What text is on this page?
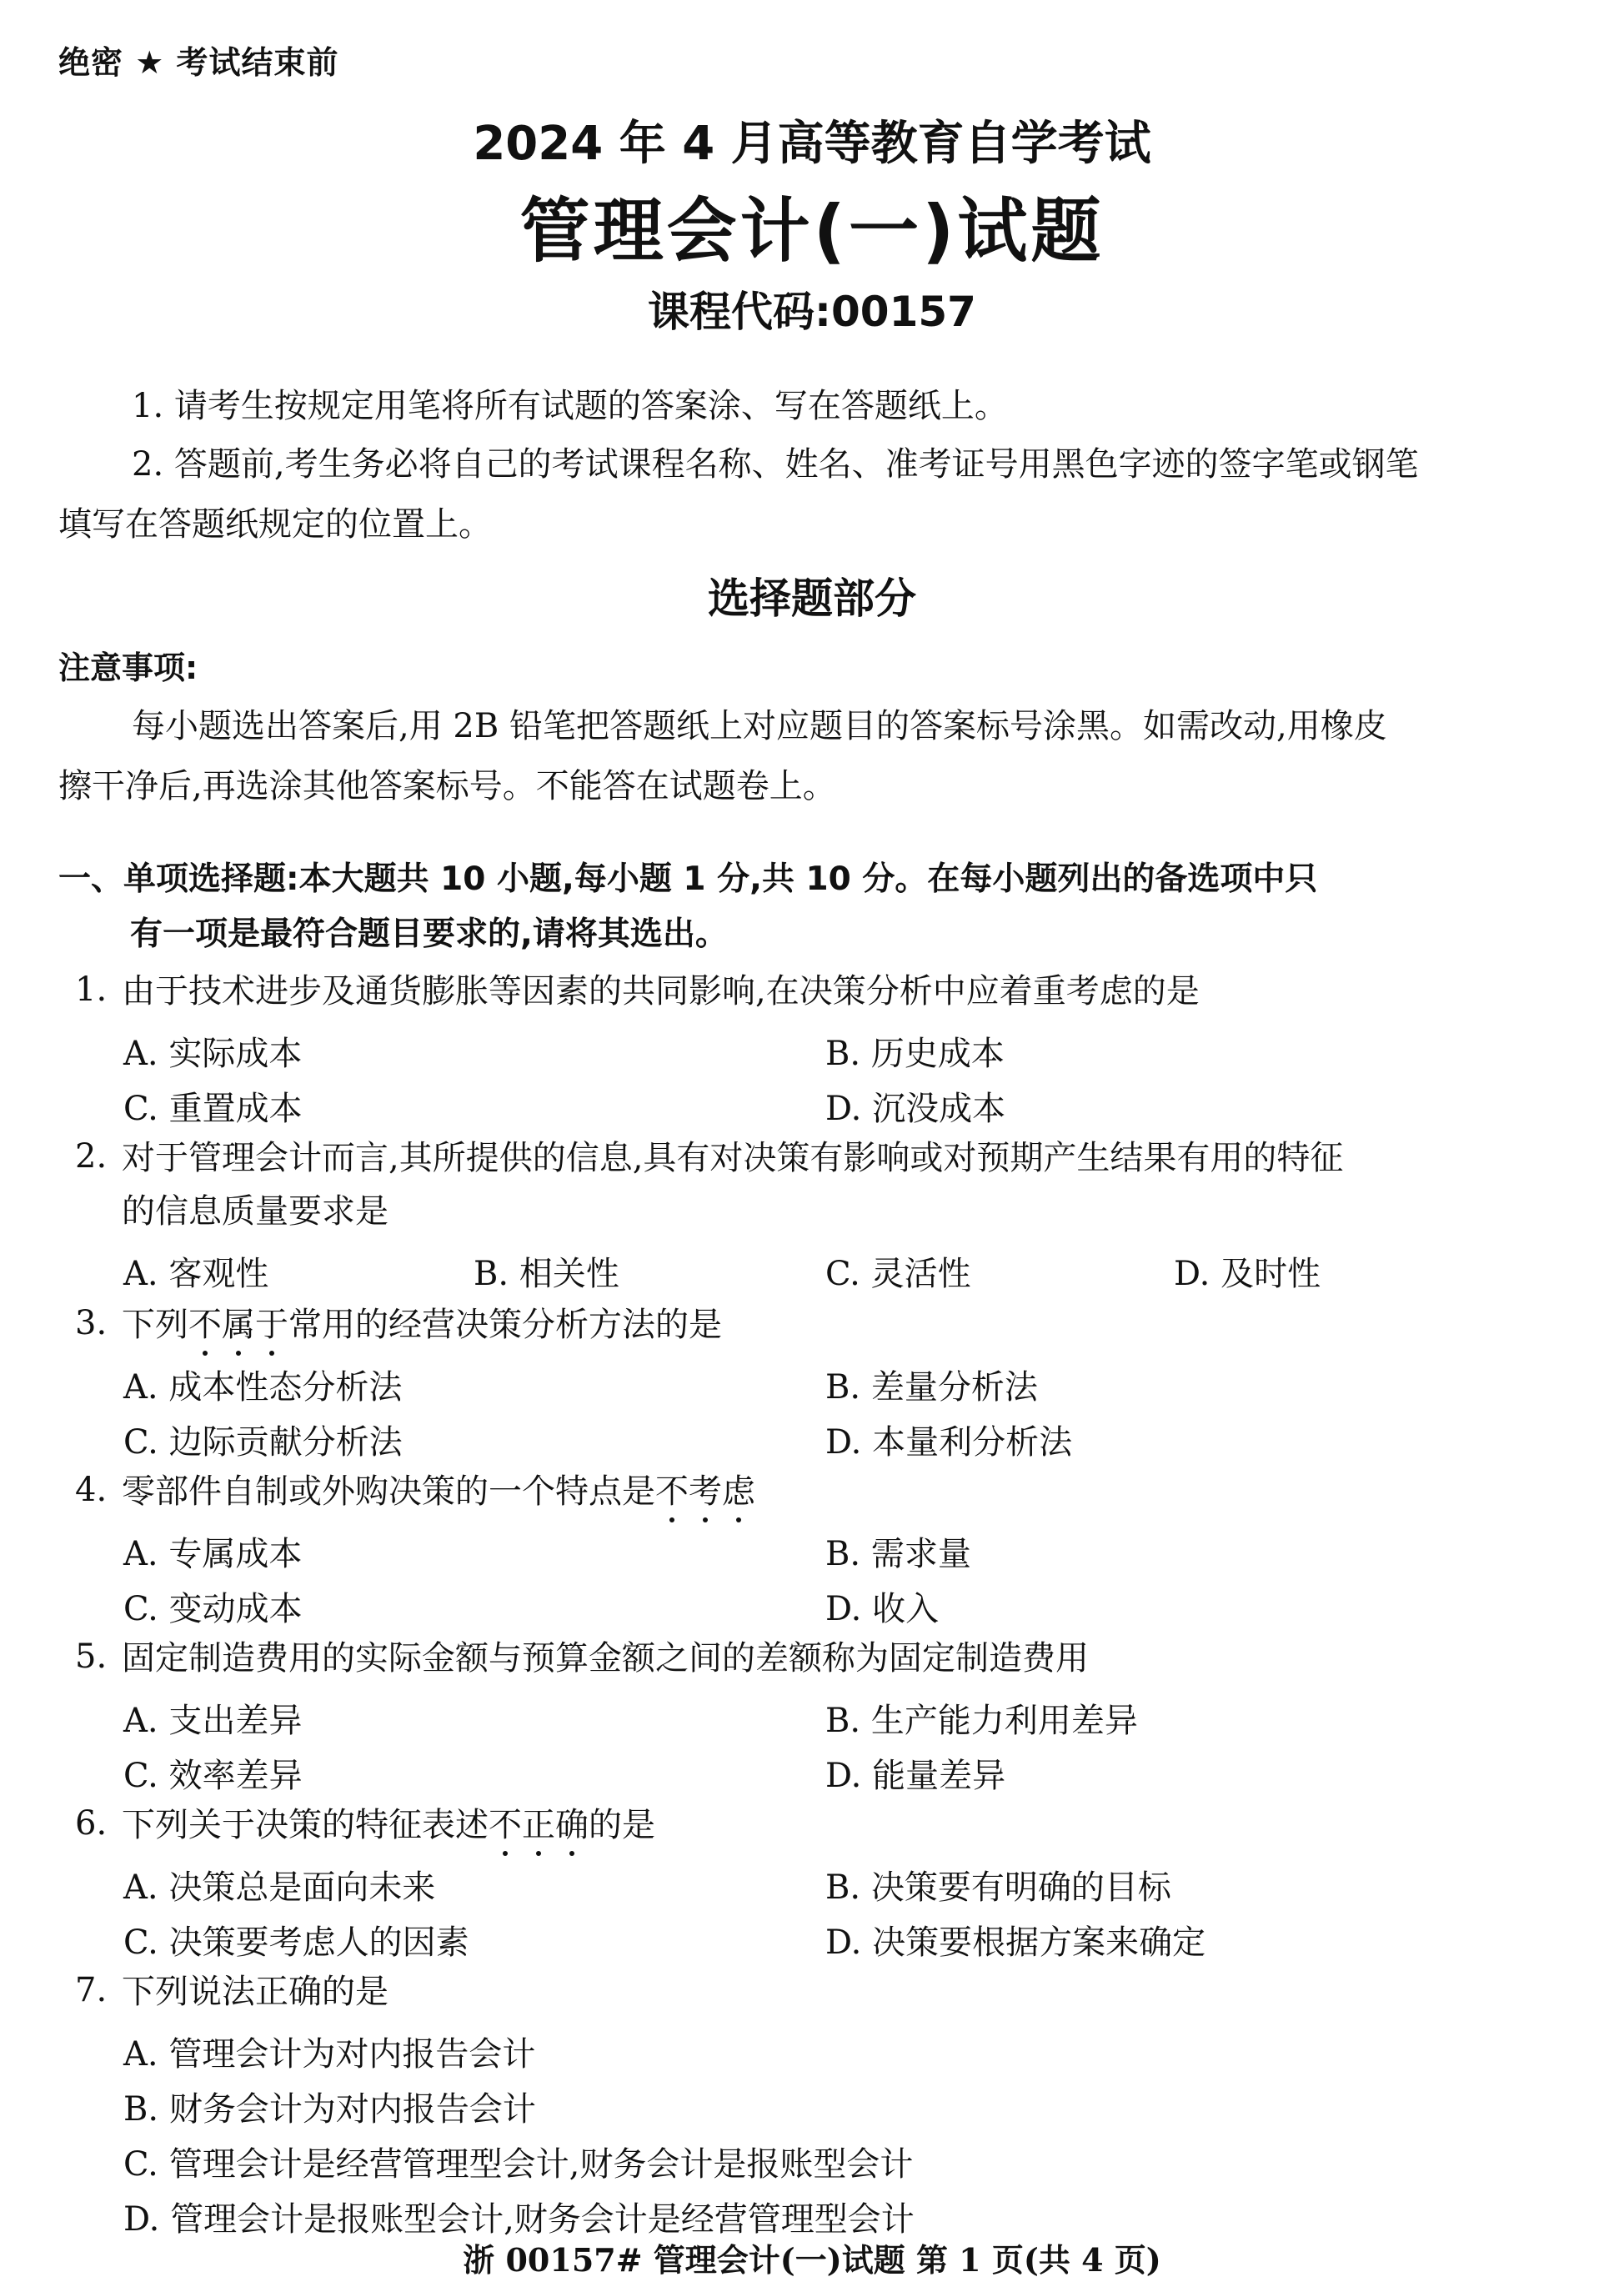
绝密 ★ 考试结束前
2024 年 4 月高等教育自学考试
管理会计(一)试题
课程代码:00157
1. 请考生按规定用笔将所有试题的答案涂、写在答题纸上。
2. 答题前,考生务必将自己的考试课程名称、姓名、准考证号用黑色字迹的签字笔或钢笔
填写在答题纸规定的位置上。
选择题部分
注意事项:
每小题选出答案后,用 2B 铅笔把答题纸上对应题目的答案标号涂黑。如需改动,用橡皮
擦干净后,再选涂其他答案标号。不能答在试题卷上。
一、单项选择题:本大题共 10 小题,每小题 1 分,共 10 分。在每小题列出的备选项中只
有一项是最符合题目要求的,请将其选出。
1. 由于技术进步及通货膨胀等因素的共同影响,在决策分析中应着重考虑的是
A. 实际成本	B. 历史成本
C. 重置成本	D. 沉没成本
2. 对于管理会计而言,其所提供的信息,具有对决策有影响或对预期产生结果有用的特征
的信息质量要求是
A. 客观性	B. 相关性	C. 灵活性	D. 及时性
3. 下列不属于常用的经营决策分析方法的是
A. 成本性态分析法	B. 差量分析法
C. 边际贡献分析法	D. 本量利分析法
4. 零部件自制或外购决策的一个特点是不考虑
A. 专属成本	B. 需求量
C. 变动成本	D. 收入
5. 固定制造费用的实际金额与预算金额之间的差额称为固定制造费用
A. 支出差异	B. 生产能力利用差异
C. 效率差异	D. 能量差异
6. 下列关于决策的特征表述不正确的是
A. 决策总是面向未来	B. 决策要有明确的目标
C. 决策要考虑人的因素	D. 决策要根据方案来确定
7. 下列说法正确的是
A. 管理会计为对内报告会计
B. 财务会计为对内报告会计
C. 管理会计是经营管理型会计,财务会计是报账型会计
D. 管理会计是报账型会计,财务会计是经营管理型会计
浙 00157# 管理会计(一)试题 第 1 页(共 4 页)
